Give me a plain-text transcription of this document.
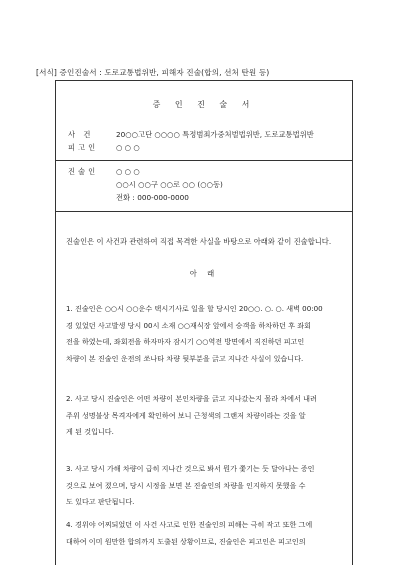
[서식] 증인진술서 : 도로교통법위반, 피해자 진술(합의, 선처 탄원 등)
증 인 진 술 서
사 건	20○○고단 ○○○○ 특정범죄가중처벌법위반, 도로교통법위반
피고인 ○ ○ ○
진술인 ○ ○ ○
○○시 ○○구 ○○로 ○○ (○○동)
전화 : 000-000-0000
진술인은 이 사건과 관련하여 직접 목격한 사실을 바탕으로 아래와 같이 진술합니다.
아 래
1. 진술인은 ○○시 ○○운수 택시기사로 일을 할 당시인 20○○. ○. ○. 새벽 00:00
경 있었던 사고발생 당시 00시 소재 ○○재식장 앞에서 승객을 하차하던 후 좌회
전을 하였는데, 좌회전을 하자마자 잠시기 ○○역전 방면에서 직진하던 피고인
차량이 본 진술인 운전의 쏘나타 차량 뒷부분을 긁고 지나간 사실이 있습니다.
2. 사고 당시 진술인은 어떤 차량이 본인차량을 긁고 지나갔는지 몰라 차에서 내려
주위 성명불상 목격자에게 확인하여 보니 근청색의 그랜저 차량이라는 것을 알
게 된 것입니다.
3. 사고 당시 가해 차량이 급히 지나간 것으로 봐서 뭔가 쫓기는 듯 달아나는 증인
것으로 보여 졌으며, 당시 시정을 보면 본 진술인의 차량을 인지하지 못했을 수
도 있다고 판단됩니다.
4. 경위야 어찌되었던 이 사건 사고로 인한 진술인의 피해는 극히 작고 또한 그에
대하여 이미 원만한 합의까지 도출된 상황이므로, 진술인은 피고인은 피고인의
